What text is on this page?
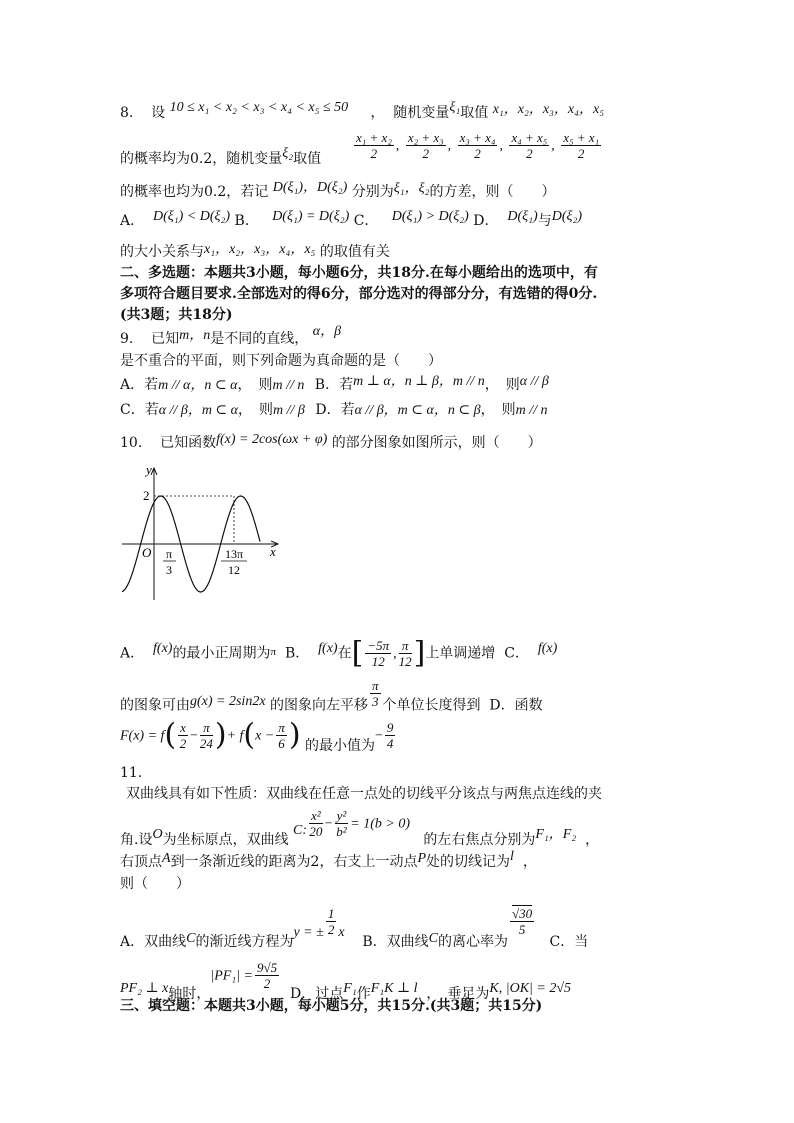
8. 设 10 ≤ x₁ < x₂ < x₃ < x₄ < x₅ ≤ 50 ， 随机变量ξ₁取值 x₁，x₂，x₃，x₄，x₅
$\frac{\text{x₁ + x₂}}{2}$ , $\frac{\text{x₂ + x₃}}{2}$ , $\frac{\text{x₃ + x₄}}{2}$ , $\frac{\text{x₄ + x₅}}{2}$ , $\frac{\text{x₅ + x₁}}{2}$
的概率均为0.2，随机变量ξ₂取值
的概率也均为0.2，若记 D(ξ₁)，D(ξ₂) 分别为ξ₁，ξ₂的方差，则（　　）
A． D(ξ₁) < D(ξ₂) B． D(ξ₁) = D(ξ₂) C． D(ξ₁) > D(ξ₂) D． D(ξ₁)与D(ξ₂)
的大小关系与x₁，x₂，x₃，x₄，x₅ 的取值有关
二、多选题：本题共3小题，每小题6分，共18分.在每小题给出的选项中，有
多项符合题目要求.全部选对的得6分，部分选对的得部分分，有选错的得0分.
(共3题；共18分)
9. 已知m，n是不同的直线， α，β
是不重合的平面，则下列命题为真命题的是（　　）
A．若m // α，n ⊂ α，　则m // n B．若m ⊥ α，n ⊥ β，m // n，　则α // β
C．若α // β，m ⊂ α，　则m // β D．若α // β，m ⊂ α，n ⊂ β，　则m // n
10. 已知函数f(x) = 2cos(ωx + φ) 的部分图象如图所示，则（　　）
y
x
O
2
π
3
13π
12
A． f(x)的最小正周期为$^\pi$ B． f(x)在[ $\frac{-5\pi}{12}$ , $\frac{\pi}{12}$ ]上单调递增 C． f(x)
的图象可由g(x) = 2sin2x 的图象向左平移 $\frac{\pi}{3}$ 个单位长度得到 D．函数
$F(x) = f( \frac{x}{2} - \frac{\pi}{24}$ )+ $f(x - \frac{\pi}{6}$ ) 的最小值为− $\frac{9}{4}$
11.
双曲线具有如下性质：双曲线在任意一点处的切线平分该点与两焦点连线的夹
角.设O为坐标原点，双曲线 C: $\frac{\text{x²}}{20} - \frac{\text{y²}}{\text{b²}} = 1(b > 0)$   的左右焦点分别为F₁，F₂ ，
右顶点A到一条渐近线的距离为2，右支上一动点P处的切线记为l ，
则（　　）
A．双曲线C的渐近线方程为y = ± $\frac{1}{2}$ x    B．双曲线C的离心率为
$\frac{√30}{5}$
C．当
PF₂ ⊥ x轴时，$|PF_1| = \frac{9√5}{2}$
D．过点F₁作F₁K ⊥ l ，　垂足为K, |OK| = 2√5
三、填空题：本题共3小题，每小题5分，共15分.(共3题；共15分)
